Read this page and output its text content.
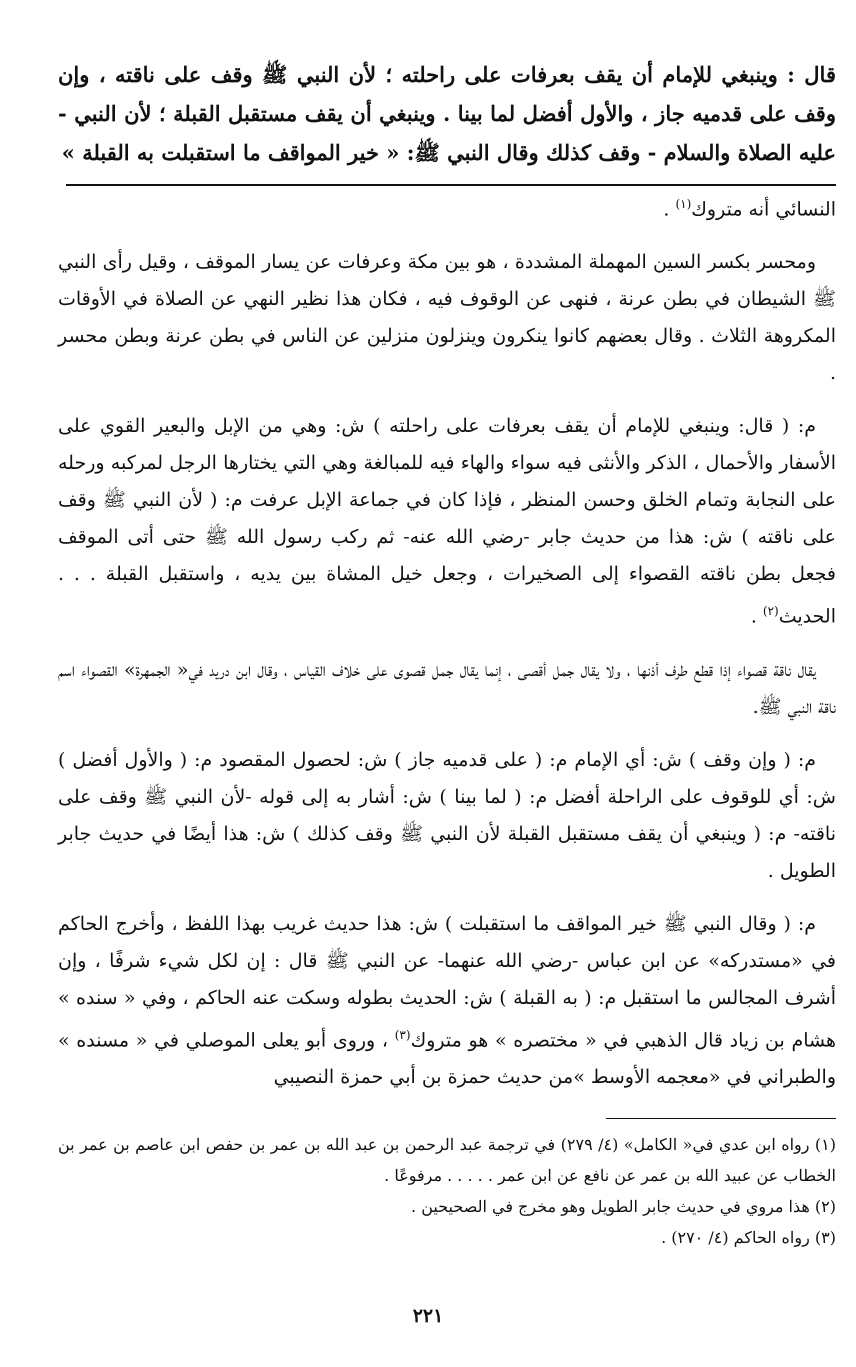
قال : وينبغي للإمام أن يقف بعرفات على راحلته ؛ لأن النبي ﷺ وقف على ناقته ، وإن وقف على قدميه جاز ، والأول أفضل لما بينا . وينبغي أن يقف مستقبل القبلة ؛ لأن النبي - عليه الصلاة والسلام - وقف كذلك وقال النبي ﷺ: « خير المواقف ما استقبلت به القبلة »

النسائي أنه متروك$^{(١)}$ .

ومحسر بكسر السين المهملة المشددة ، هو بين مكة وعرفات عن يسار الموقف ، وقيل رأى النبي ﷺ الشيطان في بطن عرنة ، فنهى عن الوقوف فيه ، فكان هذا نظير النهي عن الصلاة في الأوقات المكروهة الثلاث . وقال بعضهم كانوا ينكرون وينزلون منزلين عن الناس في بطن عرنة وبطن محسر .

م: ( قال: وينبغي للإمام أن يقف بعرفات على راحلته ) ش: وهي من الإبل والبعير القوي على الأسفار والأحمال ، الذكر والأنثى فيه سواء والهاء فيه للمبالغة وهي التي يختارها الرجل لمركبه ورحله على النجابة وتمام الخلق وحسن المنظر ، فإذا كان في جماعة الإبل عرفت م: ( لأن النبي ﷺ وقف على ناقته ) ش: هذا من حديث جابر -رضي الله عنه- ثم ركب رسول الله ﷺ حتى أتى الموقف فجعل بطن ناقته القصواء إلى الصخيرات ، وجعل خيل المشاة بين يديه ، واستقبل القبلة . . . الحديث$^{(٢)}$ .

يقال ناقة قصواء إذا قطع طرف أذنها ، ولا يقال جمل أقصى ، إنما يقال جمل قصوى على خلاف القياس ، وقال ابن دريد في« الجمهرة» القصواء اسم ناقة النبي ﷺ.

م: ( وإن وقف ) ش: أي الإمام م: ( على قدميه جاز ) ش: لحصول المقصود م: ( والأول أفضل ) ش: أي للوقوف على الراحلة أفضل م: ( لما بينا ) ش: أشار به إلى قوله -لأن النبي ﷺ وقف على ناقته- م: ( وينبغي أن يقف مستقبل القبلة لأن النبي ﷺ وقف كذلك ) ش: هذا أيضًا في حديث جابر الطويل .

م: ( وقال النبي ﷺ خير المواقف ما استقبلت ) ش: هذا حديث غريب بهذا اللفظ ، وأخرج الحاكم في «مستدركه» عن ابن عباس -رضي الله عنهما- عن النبي ﷺ قال : إن لكل شيء شرفًا ، وإن أشرف المجالس ما استقبل م: ( به القبلة ) ش: الحديث بطوله وسكت عنه الحاكم ، وفي « سنده » هشام بن زياد قال الذهبي في « مختصره » هو متروك$^{(٣)}$ ، وروى أبو يعلى الموصلي في « مسنده » والطبراني في «معجمه الأوسط »من حديث حمزة بن أبي حمزة النصيبي

(١) رواه ابن عدي في« الكامل» (٤/ ٢٧٩) في ترجمة عبد الرحمن بن عبد الله بن عمر بن حفص ابن عاصم بن عمر بن الخطاب عن عبيد الله بن عمر عن نافع عن ابن عمر . . . . . مرفوعًا .

(٢) هذا مروي في حديث جابر الطويل وهو مخرج في الصحيحين .

(٣) رواه الحاكم (٤/ ٢٧٠) .

٢٢١
